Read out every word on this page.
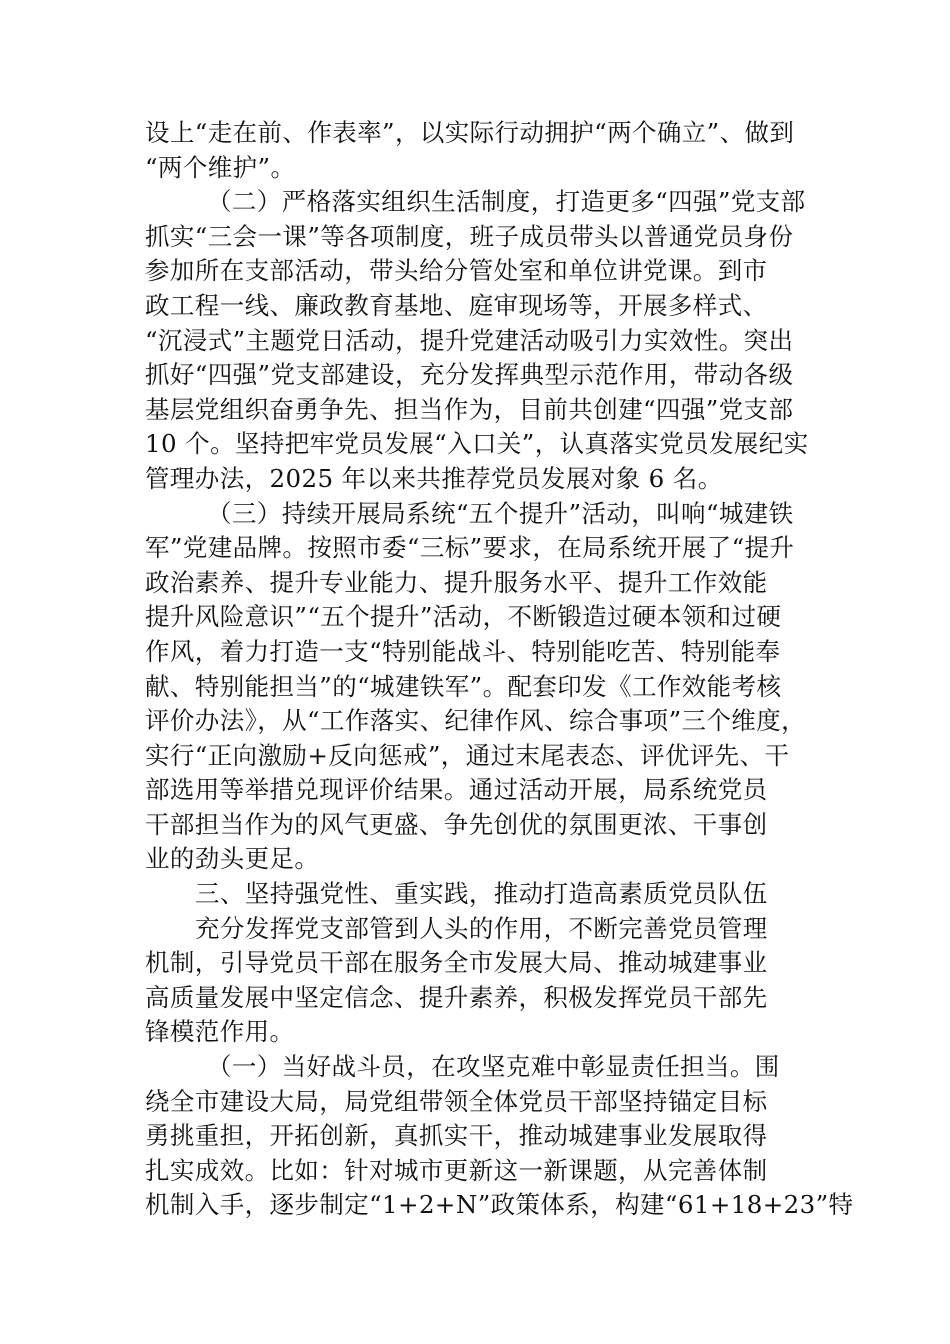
设上“走在前、作表率”，以实际行动拥护“两个确立”、做到
“两个维护”。
（二）严格落实组织生活制度，打造更多“四强”党支部
抓实“三会一课”等各项制度，班子成员带头以普通党员身份
参加所在支部活动，带头给分管处室和单位讲党课。到市
政工程一线、廉政教育基地、庭审现场等，开展多样式、
“沉浸式”主题党日活动，提升党建活动吸引力实效性。突出
抓好“四强”党支部建设，充分发挥典型示范作用，带动各级
基层党组织奋勇争先、担当作为，目前共创建“四强”党支部
10 个。坚持把牢党员发展“入口关”，认真落实党员发展纪实
管理办法，2025 年以来共推荐党员发展对象 6 名。
（三）持续开展局系统“五个提升”活动，叫响“城建铁
军”党建品牌。按照市委“三标”要求，在局系统开展了“提升
政治素养、提升专业能力、提升服务水平、提升工作效能
提升风险意识”“五个提升”活动，不断锻造过硬本领和过硬
作风，着力打造一支“特别能战斗、特别能吃苦、特别能奉
献、特别能担当”的“城建铁军”。配套印发《工作效能考核
评价办法》，从“工作落实、纪律作风、综合事项”三个维度，
实行“正向激励+反向惩戒”，通过末尾表态、评优评先、干
部选用等举措兑现评价结果。通过活动开展，局系统党员
干部担当作为的风气更盛、争先创优的氛围更浓、干事创
业的劲头更足。
三、坚持强党性、重实践，推动打造高素质党员队伍
充分发挥党支部管到人头的作用，不断完善党员管理
机制，引导党员干部在服务全市发展大局、推动城建事业
高质量发展中坚定信念、提升素养，积极发挥党员干部先
锋模范作用。
（一）当好战斗员，在攻坚克难中彰显责任担当。围
绕全市建设大局，局党组带领全体党员干部坚持锚定目标
勇挑重担，开拓创新，真抓实干，推动城建事业发展取得
扎实成效。比如：针对城市更新这一新课题，从完善体制
机制入手，逐步制定“1+2+N”政策体系，构建“61+18+23”特
